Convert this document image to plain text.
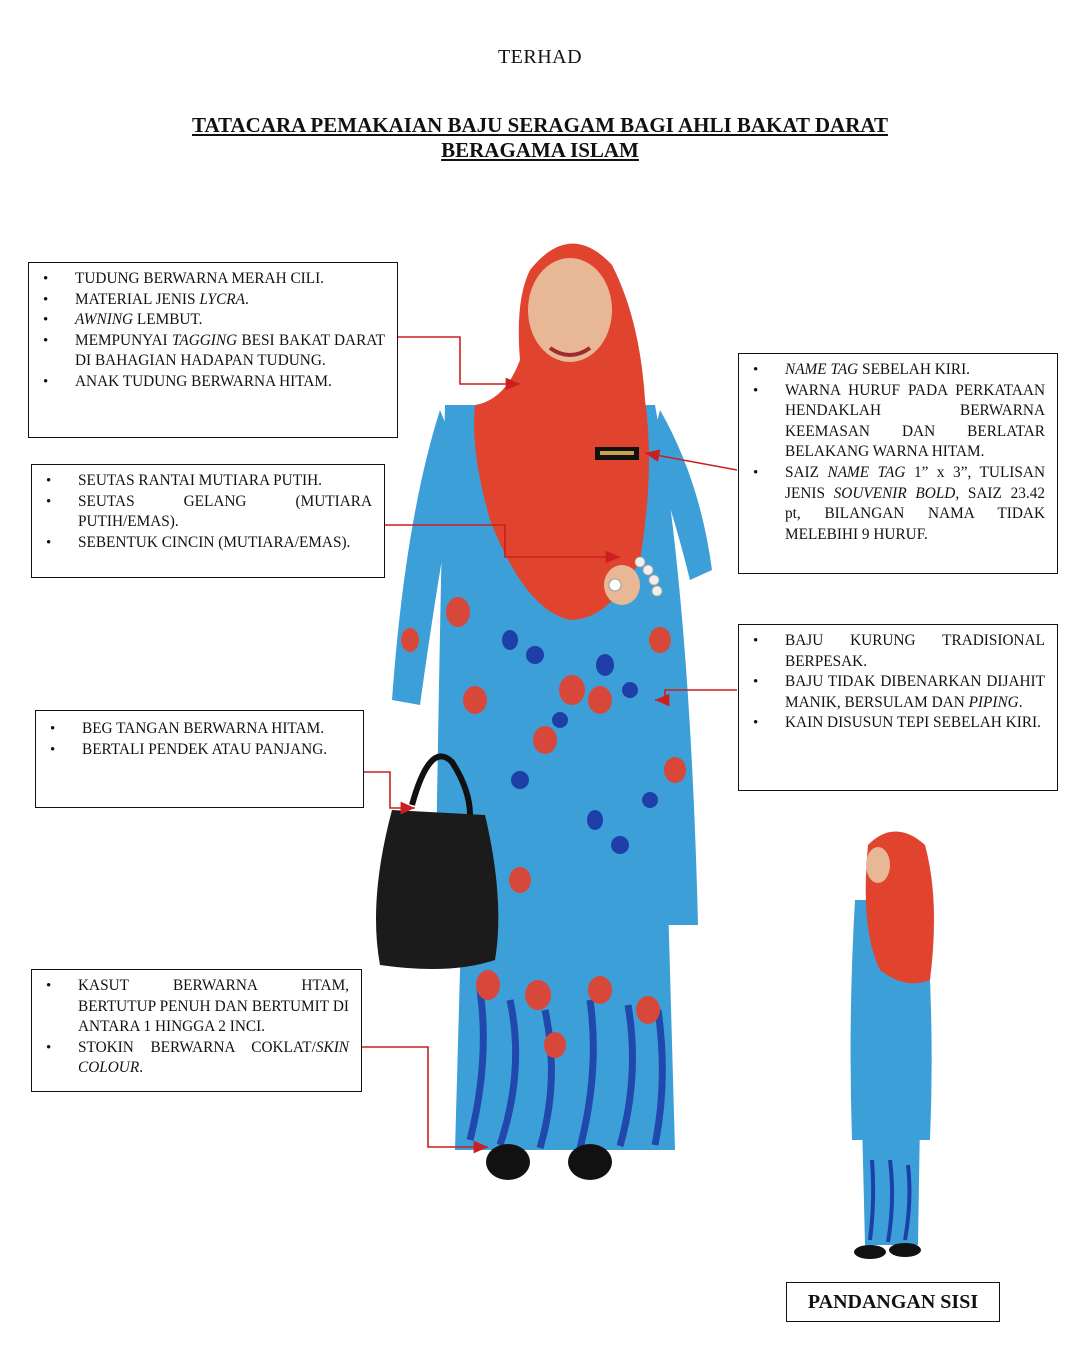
TERHAD
TATACARA PEMAKAIAN BAJU SERAGAM BAGI AHLI BAKAT DARAT
BERAGAMA ISLAM
• TUDUNG BERWARNA MERAH CILI.
• MATERIAL JENIS LYCRA.
• AWNING LEMBUT.
• MEMPUNYAI TAGGING BESI BAKAT DARAT DI BAHAGIAN HADAPAN TUDUNG.
• ANAK TUDUNG BERWARNA HITAM.
• SEUTAS RANTAI MUTIARA PUTIH.
• SEUTAS GELANG (MUTIARA PUTIH/EMAS).
• SEBENTUK CINCIN (MUTIARA/EMAS).
• BEG TANGAN BERWARNA HITAM.
• BERTALI PENDEK ATAU PANJANG.
• KASUT BERWARNA HTAM, BERTUTUP PENUH DAN BERTUMIT DI ANTARA 1 HINGGA 2 INCI.
• STOKIN BERWARNA COKLAT/SKIN COLOUR.
• NAME TAG SEBELAH KIRI.
• WARNA HURUF PADA PERKATAAN HENDAKLAH BERWARNA KEEMASAN DAN BERLATAR BELAKANG WARNA HITAM.
• SAIZ NAME TAG 1” x 3”, TULISAN JENIS SOUVENIR BOLD, SAIZ 23.42 pt, BILANGAN NAMA TIDAK MELEBIHI 9 HURUF.
• BAJU KURUNG TRADISIONAL BERPESAK.
• BAJU TIDAK DIBENARKAN DIJAHIT MANIK, BERSULAM DAN PIPING.
• KAIN DISUSUN TEPI SEBELAH KIRI.
PANDANGAN SISI
